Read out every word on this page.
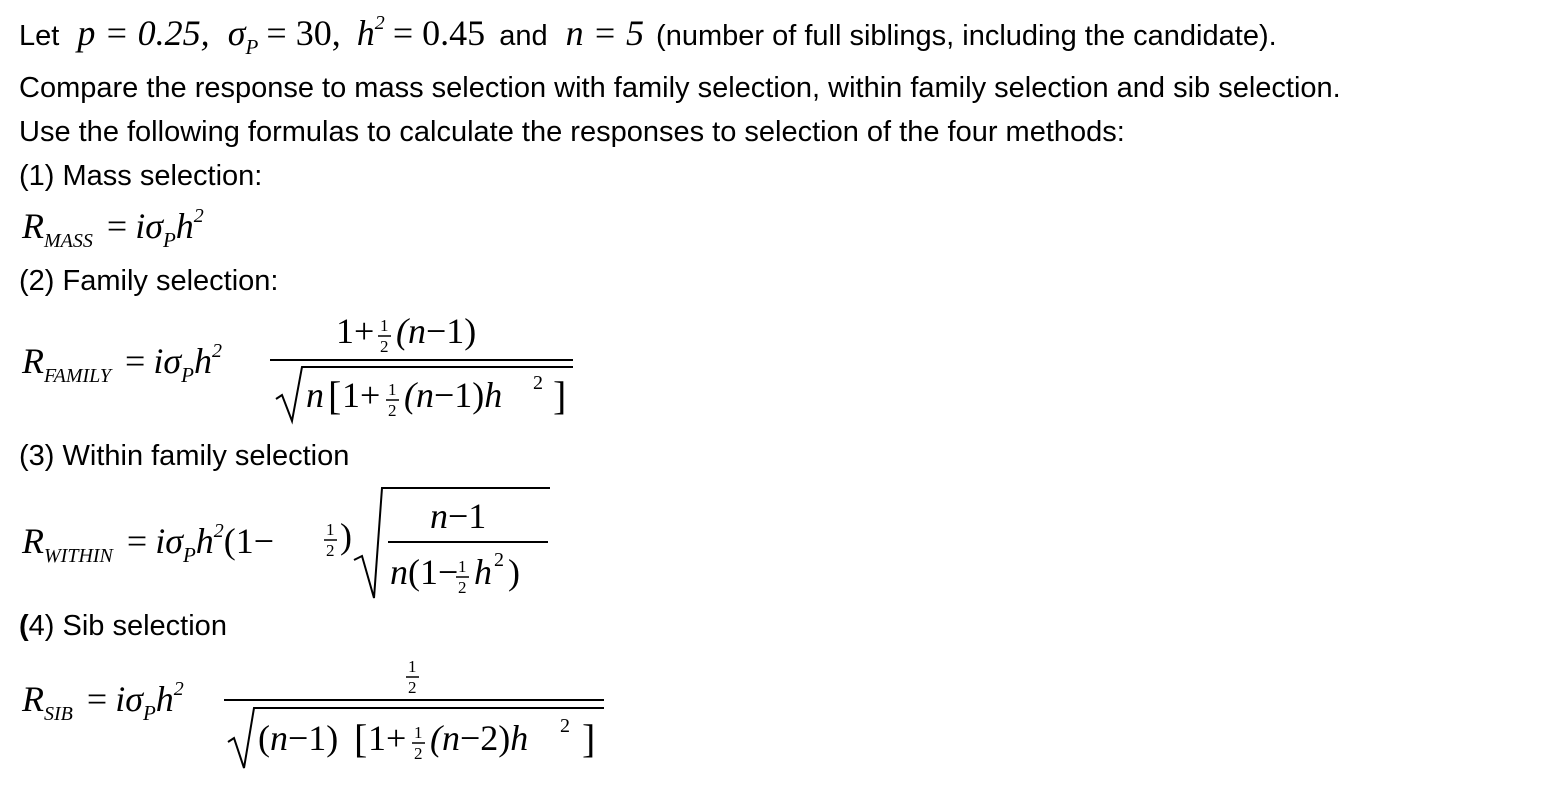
Let p = 0.25, $\sigma_P = 30$, $h^2 = 0.45$ and n = 5 (number of full siblings, including the candidate).
Compare the response to mass selection with family selection, within family selection and sib selection.
Use the following formulas to calculate the responses to selection of the four methods:
(1) Mass selection:
RMASS = $i\sigma_Ph^2$
(2) Family selection:
RFAMILY = $i\sigma_Ph^2$	1+ 1
2 (n−1)
n [ 1+ 1
2 (n−1)h 2 ]
(3) Within family selection
RWITHIN = $i\sigma_Ph^2(1-$	1
2 ) n−1
n(1− 1
2 h 2 )
(4) Sib selection
RSIB = $i\sigma_Ph^2$
1
2
(n−1) [ 1+ 1
2 (n−2)h 2 ]
